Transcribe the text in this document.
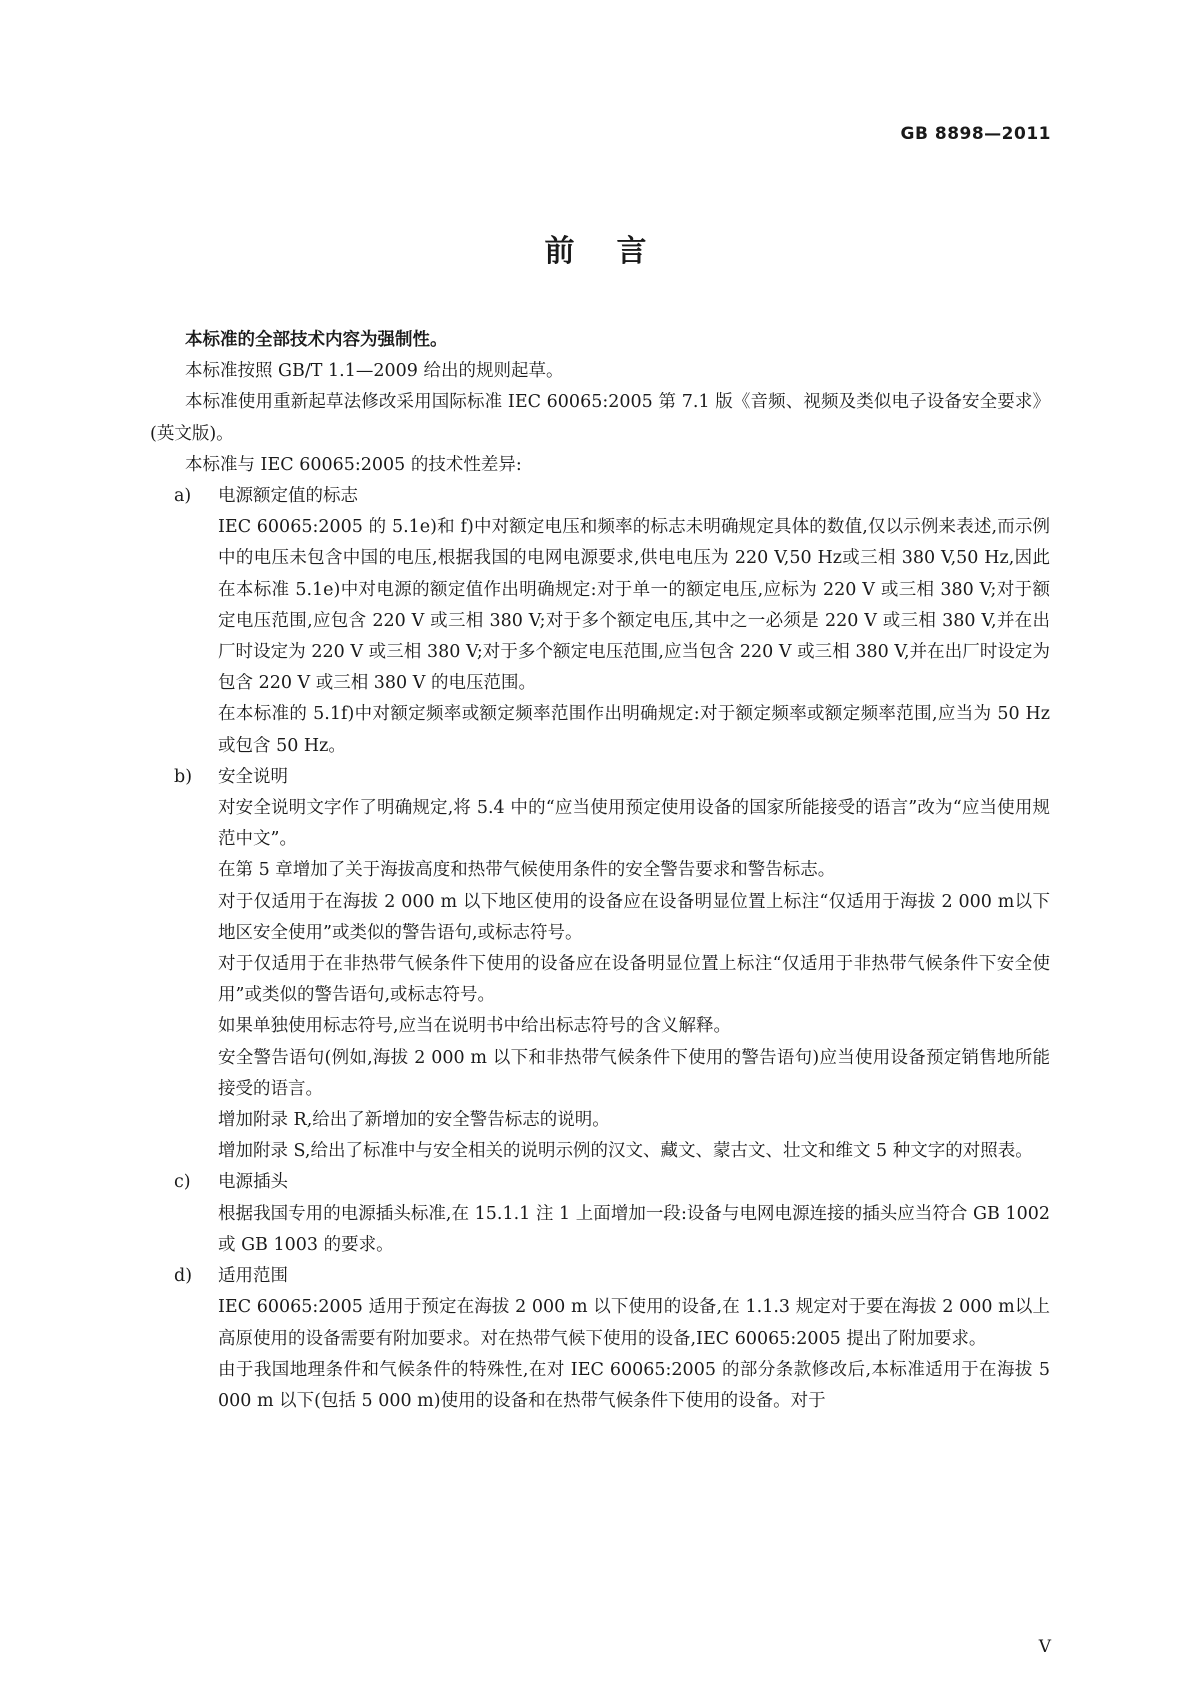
GB 8898—2011
前言

本标准的全部技术内容为强制性。

本标准按照 GB/T 1.1—2009 给出的规则起草。

本标准使用重新起草法修改采用国际标准 IEC 60065:2005 第 7.1 版《音频、视频及类似电子设备安全要求》(英文版)。

本标准与 IEC 60065:2005 的技术性差异:

a) 电源额定值的标志

IEC 60065:2005 的 5.1e)和 f)中对额定电压和频率的标志未明确规定具体的数值,仅以示例来表述,而示例中的电压未包含中国的电压,根据我国的电网电源要求,供电电压为 220 V,50 Hz或三相 380 V,50 Hz,因此在本标准 5.1e)中对电源的额定值作出明确规定:对于单一的额定电压,应标为 220 V 或三相 380 V;对于额定电压范围,应包含 220 V 或三相 380 V;对于多个额定电压,其中之一必须是 220 V 或三相 380 V,并在出厂时设定为 220 V 或三相 380 V;对于多个额定电压范围,应当包含 220 V 或三相 380 V,并在出厂时设定为包含 220 V 或三相 380 V 的电压范围。

在本标准的 5.1f)中对额定频率或额定频率范围作出明确规定:对于额定频率或额定频率范围,应当为 50 Hz 或包含 50 Hz。

b) 安全说明

对安全说明文字作了明确规定,将 5.4 中的“应当使用预定使用设备的国家所能接受的语言”改为“应当使用规范中文”。

在第 5 章增加了关于海拔高度和热带气候使用条件的安全警告要求和警告标志。

对于仅适用于在海拔 2 000 m 以下地区使用的设备应在设备明显位置上标注“仅适用于海拔 2 000 m以下地区安全使用”或类似的警告语句,或标志符号。

对于仅适用于在非热带气候条件下使用的设备应在设备明显位置上标注“仅适用于非热带气候条件下安全使用”或类似的警告语句,或标志符号。

如果单独使用标志符号,应当在说明书中给出标志符号的含义解释。

安全警告语句(例如,海拔 2 000 m 以下和非热带气候条件下使用的警告语句)应当使用设备预定销售地所能接受的语言。

增加附录 R,给出了新增加的安全警告标志的说明。

增加附录 S,给出了标准中与安全相关的说明示例的汉文、藏文、蒙古文、壮文和维文 5 种文字的对照表。

c) 电源插头

根据我国专用的电源插头标准,在 15.1.1 注 1 上面增加一段:设备与电网电源连接的插头应当符合 GB 1002 或 GB 1003 的要求。

d) 适用范围

IEC 60065:2005 适用于预定在海拔 2 000 m 以下使用的设备,在 1.1.3 规定对于要在海拔 2 000 m以上高原使用的设备需要有附加要求。对在热带气候下使用的设备,IEC 60065:2005 提出了附加要求。

由于我国地理条件和气候条件的特殊性,在对 IEC 60065:2005 的部分条款修改后,本标准适用于在海拔 5 000 m 以下(包括 5 000 m)使用的设备和在热带气候条件下使用的设备。对于

V
